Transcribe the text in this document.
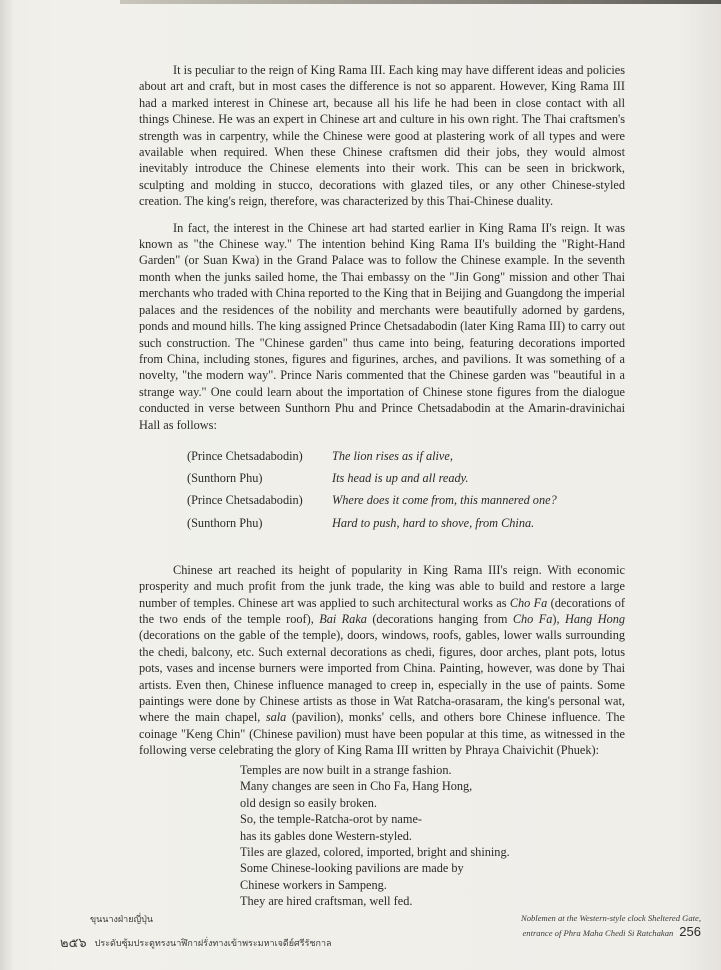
It is peculiar to the reign of King Rama III. Each king may have different ideas and policies about art and craft, but in most cases the difference is not so apparent. However, King Rama III had a marked interest in Chinese art, because all his life he had been in close contact with all things Chinese. He was an expert in Chinese art and culture in his own right. The Thai craftsmen's strength was in carpentry, while the Chinese were good at plastering work of all types and were available when required. When these Chinese craftsmen did their jobs, they would almost inevitably introduce the Chinese elements into their work. This can be seen in brickwork, sculpting and molding in stucco, decorations with glazed tiles, or any other Chinese-styled creation. The king's reign, therefore, was characterized by this Thai-Chinese duality.

In fact, the interest in the Chinese art had started earlier in King Rama II's reign. It was known as "the Chinese way." The intention behind King Rama II's building the "Right-Hand Garden" (or Suan Kwa) in the Grand Palace was to follow the Chinese example. In the seventh month when the junks sailed home, the Thai embassy on the "Jin Gong" mission and other Thai merchants who traded with China reported to the King that in Beijing and Guangdong the imperial palaces and the residences of the nobility and merchants were beautifully adorned by gardens, ponds and mound hills. The king assigned Prince Chetsadabodin (later King Rama III) to carry out such construction. The "Chinese garden" thus came into being, featuring decorations imported from China, including stones, figures and figurines, arches, and pavilions. It was something of a novelty, "the modern way". Prince Naris commented that the Chinese garden was "beautiful in a strange way." One could learn about the importation of Chinese stone figures from the dialogue conducted in verse between Sunthorn Phu and Prince Chetsadabodin at the Amarin-dravinichai Hall as follows:

(Prince Chetsadabodin)	The lion rises as if alive,
(Sunthorn Phu)	Its head is up and all ready.
(Prince Chetsadabodin)	Where does it come from, this mannered one?
(Sunthorn Phu)	Hard to push, hard to shove, from China.

Chinese art reached its height of popularity in King Rama III's reign. With economic prosperity and much profit from the junk trade, the king was able to build and restore a large number of temples. Chinese art was applied to such architectural works as Cho Fa (decorations of the two ends of the temple roof), Bai Raka (decorations hanging from Cho Fa), Hang Hong (decorations on the gable of the temple), doors, windows, roofs, gables, lower walls surrounding the chedi, balcony, etc. Such external decorations as chedi, figures, door arches, plant pots, lotus pots, vases and incense burners were imported from China. Painting, however, was done by Thai artists. Even then, Chinese influence managed to creep in, especially in the use of paints. Some paintings were done by Chinese artists as those in Wat Ratcha-orasaram, the king's personal wat, where the main chapel, sala (pavilion), monks' cells, and others bore Chinese influence. The coinage "Keng Chin" (Chinese pavilion) must have been popular at this time, as witnessed in the following verse celebrating the glory of King Rama III written by Phraya Chaivichit (Phuek):

Temples are now built in a strange fashion.
Many changes are seen in Cho Fa, Hang Hong,
old design so easily broken.
So, the temple-Ratcha-orot by name-
has its gables done Western-styled.
Tiles are glazed, colored, imported, bright and shining.
Some Chinese-looking pavilions are made by
Chinese workers in Sampeng.
They are hired craftsman, well fed.
ขุนนางฝ่ายญี่ปุ่น
๒๕๖ ประดับซุ้มประตูทรงนาฬิกาฝรั่งทางเข้าพระมหาเจดีย์ศรีรัชกาล
Noblemen at the Western-style clock Sheltered Gate,
entrance of Phra Maha Chedi Si Ratchakan 256
